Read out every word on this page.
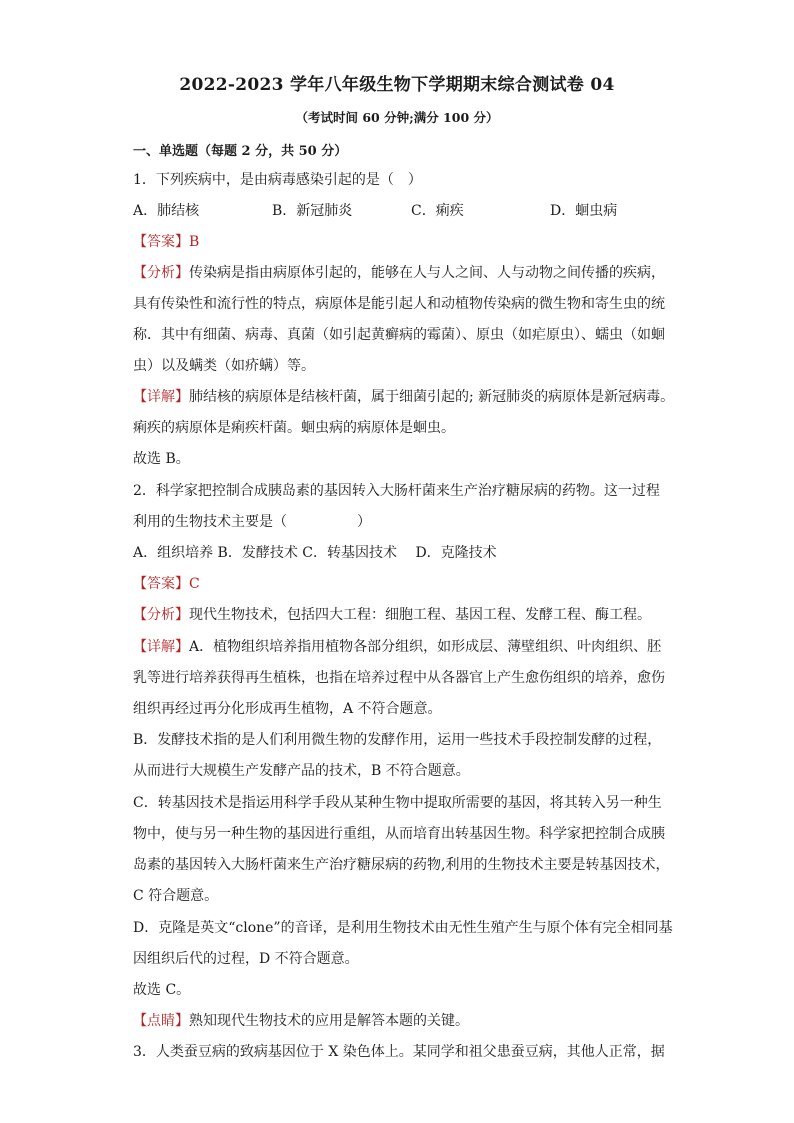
2022-2023 学年八年级生物下学期期末综合测试卷 04
（考试时间 60 分钟;满分 100 分）
一、单选题（每题 2 分，共 50 分）
1．下列疾病中，是由病毒感染引起的是（　）
A．肺结核	B．新冠肺炎	C．痢疾	D．蛔虫病
【答案】B
【分析】传染病是指由病原体引起的，能够在人与人之间、人与动物之间传播的疾病，
具有传染性和流行性的特点，病原体是能引起人和动植物传染病的微生物和寄生虫的统
称．其中有细菌、病毒、真菌（如引起黄癣病的霉菌）、原虫（如疟原虫）、蠕虫（如蛔
虫）以及螨类（如疥螨）等。
【详解】肺结核的病原体是结核杆菌，属于细菌引起的; 新冠肺炎的病原体是新冠病毒。
痢疾的病原体是痢疾杆菌。蛔虫病的病原体是蛔虫。
故选 B。
2．科学家把控制合成胰岛素的基因转入大肠杆菌来生产治疗糖尿病的药物。这一过程
利用的生物技术主要是（　　　　　）
A．组织培养 B．发酵技术 C．转基因技术　 D．克隆技术
【答案】C
【分析】现代生物技术，包括四大工程：细胞工程、基因工程、发酵工程、酶工程。
【详解】A．植物组织培养指用植物各部分组织，如形成层、薄壁组织、叶肉组织、胚
乳等进行培养获得再生植株，也指在培养过程中从各器官上产生愈伤组织的培养，愈伤
组织再经过再分化形成再生植物，A 不符合题意。
B．发酵技术指的是人们利用微生物的发酵作用，运用一些技术手段控制发酵的过程，
从而进行大规模生产发酵产品的技术，B 不符合题意。
C．转基因技术是指运用科学手段从某种生物中提取所需要的基因，将其转入另一种生
物中，使与另一种生物的基因进行重组，从而培育出转基因生物。科学家把控制合成胰
岛素的基因转入大肠杆菌来生产治疗糖尿病的药物,利用的生物技术主要是转基因技术，
C 符合题意。
D．克隆是英文“clone”的音译，是利用生物技术由无性生殖产生与原个体有完全相同基
因组织后代的过程，D 不符合题意。
故选 C。
【点睛】熟知现代生物技术的应用是解答本题的关键。
3．人类蚕豆病的致病基因位于 X 染色体上。某同学和祖父患蚕豆病，其他人正常，据
